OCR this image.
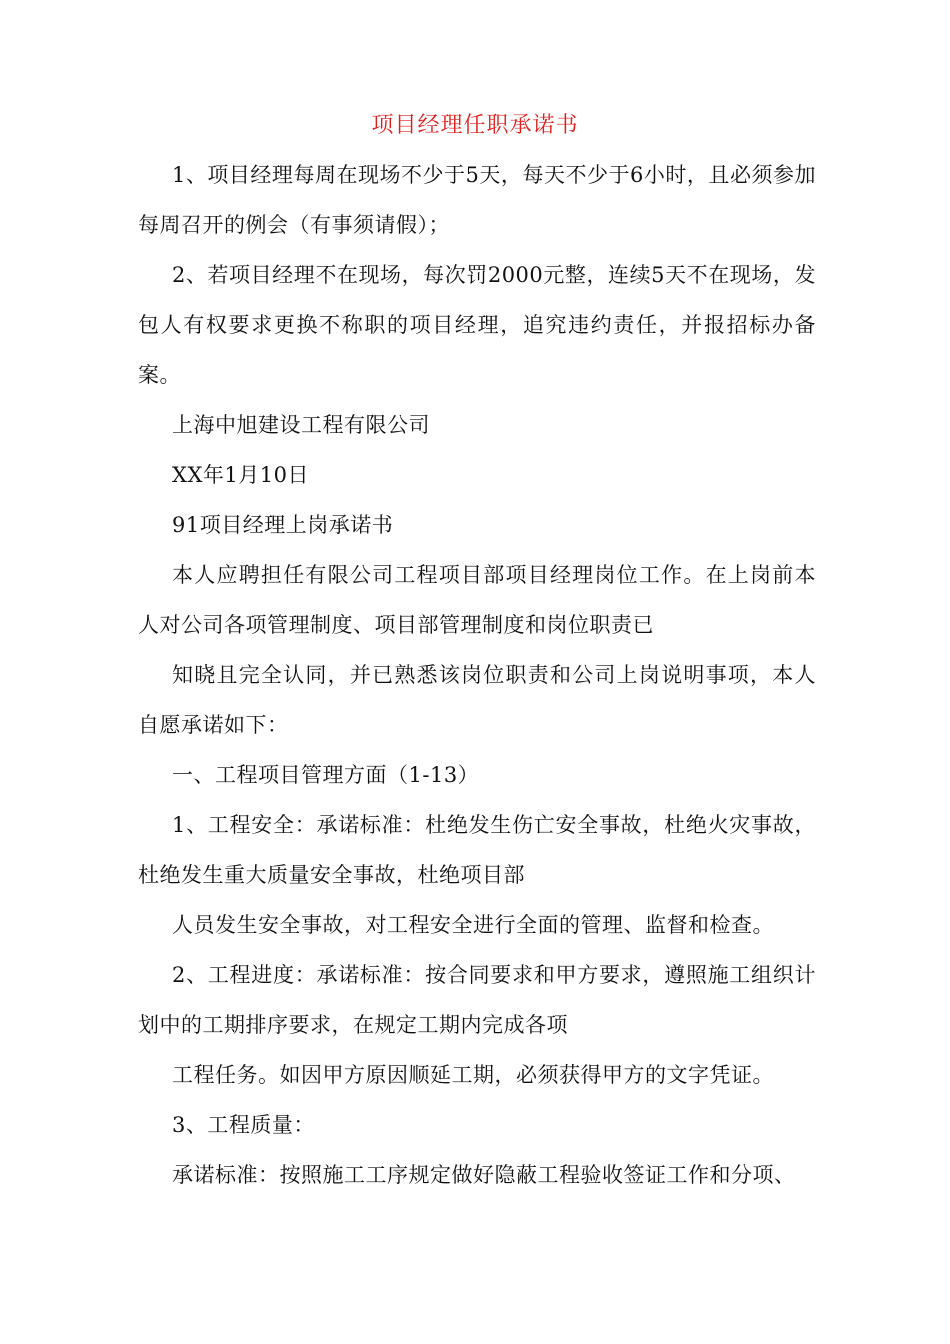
项目经理任职承诺书

1、项目经理每周在现场不少于5天，每天不少于6小时，且必须参加每周召开的例会（有事须请假）；

2、若项目经理不在现场，每次罚2000元整，连续5天不在现场，发包人有权要求更换不称职的项目经理，追究违约责任，并报招标办备案。

上海中旭建设工程有限公司

XX年1月10日

91项目经理上岗承诺书

本人应聘担任有限公司工程项目部项目经理岗位工作。在上岗前本人对公司各项管理制度、项目部管理制度和岗位职责已

知晓且完全认同，并已熟悉该岗位职责和公司上岗说明事项，本人自愿承诺如下：

一、工程项目管理方面（1-13）

1、工程安全：承诺标准：杜绝发生伤亡安全事故，杜绝火灾事故，杜绝发生重大质量安全事故，杜绝项目部

人员发生安全事故，对工程安全进行全面的管理、监督和检查。

2、工程进度：承诺标准：按合同要求和甲方要求，遵照施工组织计划中的工期排序要求，在规定工期内完成各项

工程任务。如因甲方原因顺延工期，必须获得甲方的文字凭证。

3、工程质量：

承诺标准：按照施工工序规定做好隐蔽工程验收签证工作和分项、
